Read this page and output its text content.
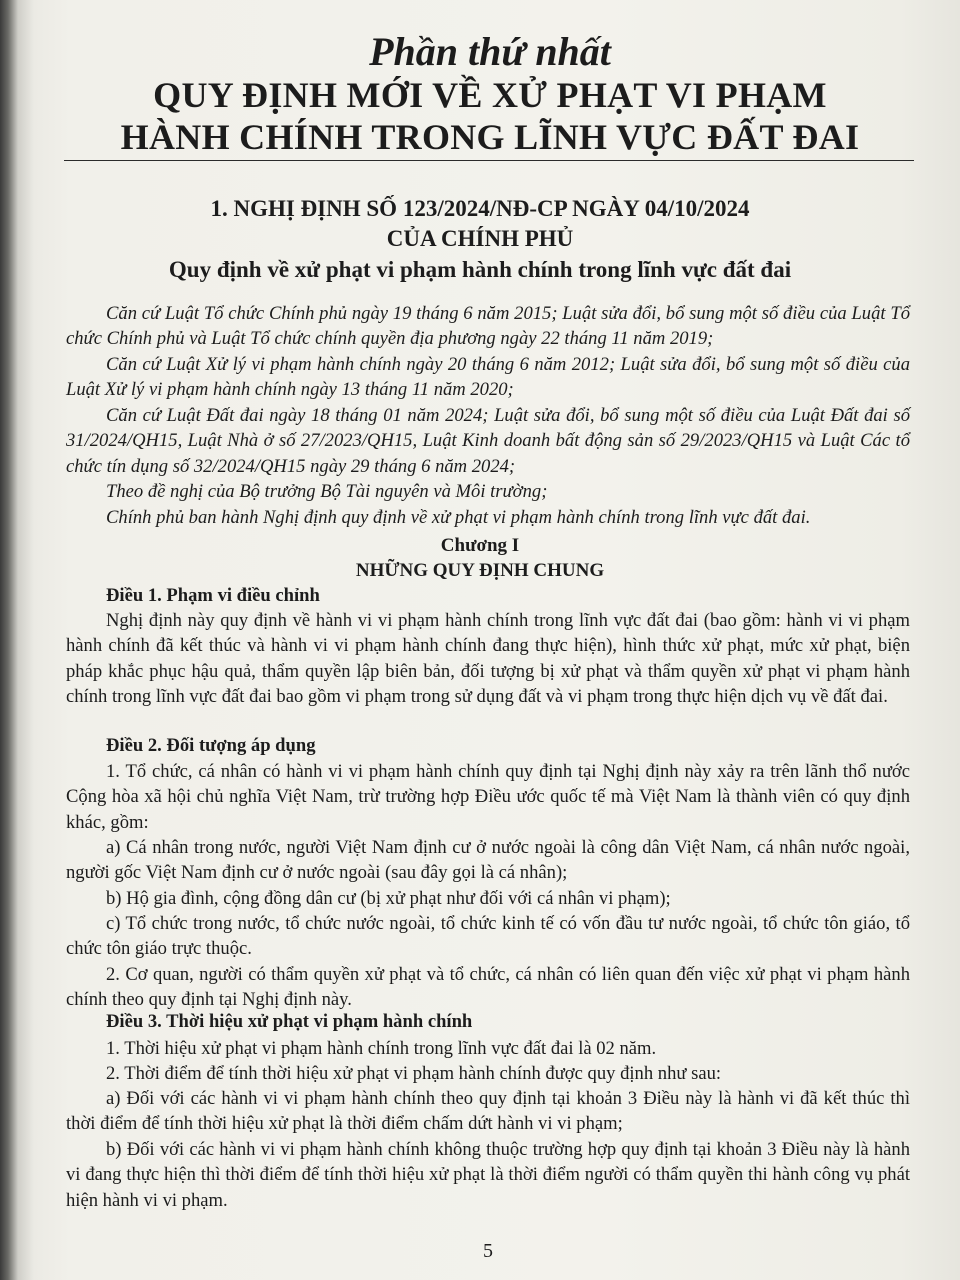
Phần thứ nhất
QUY ĐỊNH MỚI VỀ XỬ PHẠT VI PHẠM
HÀNH CHÍNH TRONG LĨNH VỰC ĐẤT ĐAI
1. NGHỊ ĐỊNH SỐ 123/2024/NĐ-CP NGÀY 04/10/2024
CỦA CHÍNH PHỦ
Quy định về xử phạt vi phạm hành chính trong lĩnh vực đất đai
Căn cứ Luật Tổ chức Chính phủ ngày 19 tháng 6 năm 2015; Luật sửa đổi, bổ sung một số điều của Luật Tổ chức Chính phủ và Luật Tổ chức chính quyền địa phương ngày 22 tháng 11 năm 2019;
Căn cứ Luật Xử lý vi phạm hành chính ngày 20 tháng 6 năm 2012; Luật sửa đổi, bổ sung một số điều của Luật Xử lý vi phạm hành chính ngày 13 tháng 11 năm 2020;
Căn cứ Luật Đất đai ngày 18 tháng 01 năm 2024; Luật sửa đổi, bổ sung một số điều của Luật Đất đai số 31/2024/QH15, Luật Nhà ở số 27/2023/QH15, Luật Kinh doanh bất động sản số 29/2023/QH15 và Luật Các tổ chức tín dụng số 32/2024/QH15 ngày 29 tháng 6 năm 2024;
Theo đề nghị của Bộ trưởng Bộ Tài nguyên và Môi trường;
Chính phủ ban hành Nghị định quy định về xử phạt vi phạm hành chính trong lĩnh vực đất đai.
Chương I
NHỮNG QUY ĐỊNH CHUNG
Điều 1. Phạm vi điều chỉnh
Nghị định này quy định về hành vi vi phạm hành chính trong lĩnh vực đất đai (bao gồm: hành vi vi phạm hành chính đã kết thúc và hành vi vi phạm hành chính đang thực hiện), hình thức xử phạt, mức xử phạt, biện pháp khắc phục hậu quả, thẩm quyền lập biên bản, đối tượng bị xử phạt và thẩm quyền xử phạt vi phạm hành chính trong lĩnh vực đất đai bao gồm vi phạm trong sử dụng đất và vi phạm trong thực hiện dịch vụ về đất đai.
Điều 2. Đối tượng áp dụng
1. Tổ chức, cá nhân có hành vi vi phạm hành chính quy định tại Nghị định này xảy ra trên lãnh thổ nước Cộng hòa xã hội chủ nghĩa Việt Nam, trừ trường hợp Điều ước quốc tế mà Việt Nam là thành viên có quy định khác, gồm:
a) Cá nhân trong nước, người Việt Nam định cư ở nước ngoài là công dân Việt Nam, cá nhân nước ngoài, người gốc Việt Nam định cư ở nước ngoài (sau đây gọi là cá nhân);
b) Hộ gia đình, cộng đồng dân cư (bị xử phạt như đối với cá nhân vi phạm);
c) Tổ chức trong nước, tổ chức nước ngoài, tổ chức kinh tế có vốn đầu tư nước ngoài, tổ chức tôn giáo, tổ chức tôn giáo trực thuộc.
2. Cơ quan, người có thẩm quyền xử phạt và tổ chức, cá nhân có liên quan đến việc xử phạt vi phạm hành chính theo quy định tại Nghị định này.
Điều 3. Thời hiệu xử phạt vi phạm hành chính
1. Thời hiệu xử phạt vi phạm hành chính trong lĩnh vực đất đai là 02 năm.
2. Thời điểm để tính thời hiệu xử phạt vi phạm hành chính được quy định như sau:
a) Đối với các hành vi vi phạm hành chính theo quy định tại khoản 3 Điều này là hành vi đã kết thúc thì thời điểm để tính thời hiệu xử phạt là thời điểm chấm dứt hành vi vi phạm;
b) Đối với các hành vi vi phạm hành chính không thuộc trường hợp quy định tại khoản 3 Điều này là hành vi đang thực hiện thì thời điểm để tính thời hiệu xử phạt là thời điểm người có thẩm quyền thi hành công vụ phát hiện hành vi vi phạm.
5
